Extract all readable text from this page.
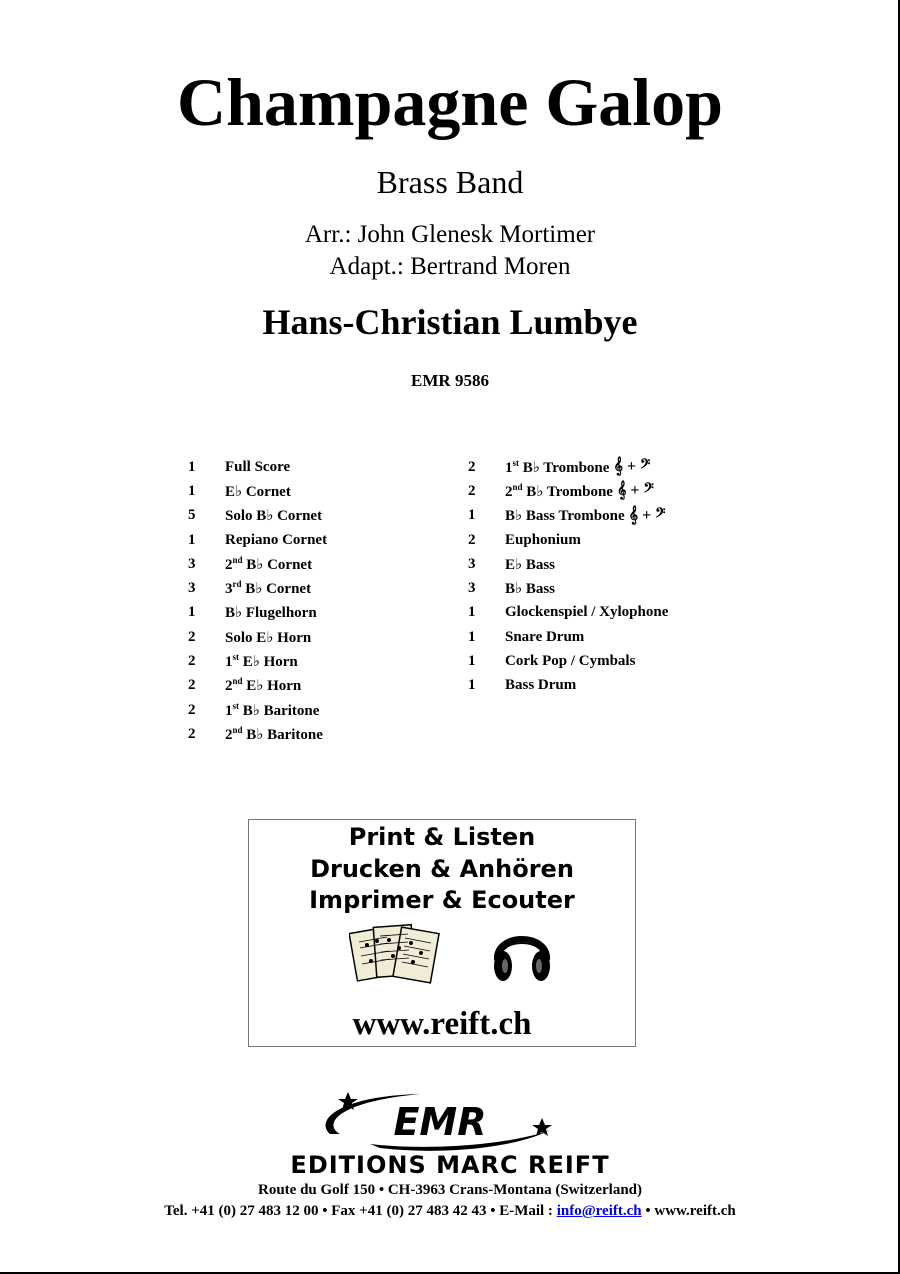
Champagne Galop
Brass Band
Arr.: John Glenesk Mortimer
Adapt.: Bertrand Moren
Hans-Christian Lumbye
EMR 9586
1	Full Score
1	E♭ Cornet
5	Solo B♭ Cornet
1	Repiano Cornet
3	2nd B♭ Cornet
3	3rd B♭ Cornet
1	B♭ Flugelhorn
2	Solo E♭ Horn
2	1st E♭ Horn
2	2nd E♭ Horn
2	1st B♭ Baritone
2	2nd B♭ Baritone
2	1st B♭ Trombone 𝄞 + 𝄢
2	2nd B♭ Trombone 𝄞 + 𝄢
1	B♭ Bass Trombone 𝄞 + 𝄢
2	Euphonium
3	E♭ Bass
3	B♭ Bass
1	Glockenspiel / Xylophone
1	Snare Drum
1	Cork Pop / Cymbals
1	Bass Drum
Print & Listen
Drucken & Anhören
Imprimer & Ecouter
www.reift.ch
EMR
EDITIONS MARC REIFT
Route du Golf 150 • CH-3963 Crans-Montana (Switzerland)
Tel. +41 (0) 27 483 12 00 • Fax +41 (0) 27 483 42 43 • E-Mail : info@reift.ch • www.reift.ch
